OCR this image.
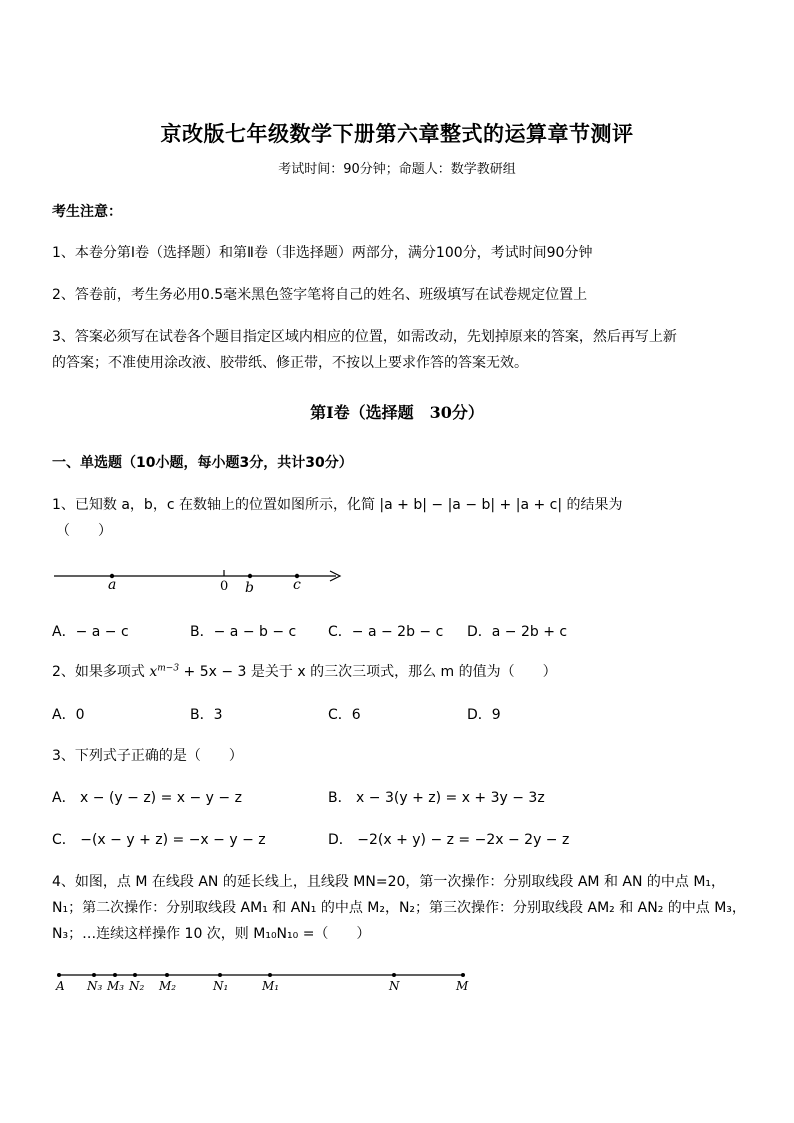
京改版七年级数学下册第六章整式的运算章节测评
考试时间：90分钟；命题人：数学教研组
考生注意：
1、本卷分第Ⅰ卷（选择题）和第Ⅱ卷（非选择题）两部分，满分100分，考试时间90分钟
2、答卷前，考生务必用0.5毫米黑色签字笔将自己的姓名、班级填写在试卷规定位置上
3、答案必须写在试卷各个题目指定区域内相应的位置，如需改动，先划掉原来的答案，然后再写上新
的答案；不准使用涂改液、胶带纸、修正带，不按以上要求作答的答案无效。
第Ⅰ卷（选择题　30分）
一、单选题（10小题，每小题3分，共计30分）
1、已知数 a，b，c 在数轴上的位置如图所示，化简 |a + b| − |a − b| + |a + c| 的结果为
（　　）
a	0 b	c
A．− a − c	B．− a − b − c C．− a − 2b − c D．a − 2b + c
2、如果多项式 $x^{m-3} + 5x - 3$ 是关于 x 的三次三项式，那么 m 的值为（　　）
A．0	B．3	C．6	D．9
3、下列式子正确的是（　　）
A． x − (y − z) = x − y − z	B． x − 3(y + z) = x + 3y − 3z
C． −(x − y + z) = −x − y − z	D． −2(x + y) − z = −2x − 2y − z
4、如图，点 M 在线段 AN 的延长线上，且线段 MN=20，第一次操作：分别取线段 AM 和 AN 的中点 M₁，
N₁；第二次操作：分别取线段 AM₁ 和 AN₁ 的中点 M₂，N₂；第三次操作：分别取线段 AM₂ 和 AN₂ 的中点 M₃，
N₃；…连续这样操作 10 次，则 M₁₀N₁₀ =（　　）
A N₃ M₃ N₂ M₂	N₁	M₁	N	M
